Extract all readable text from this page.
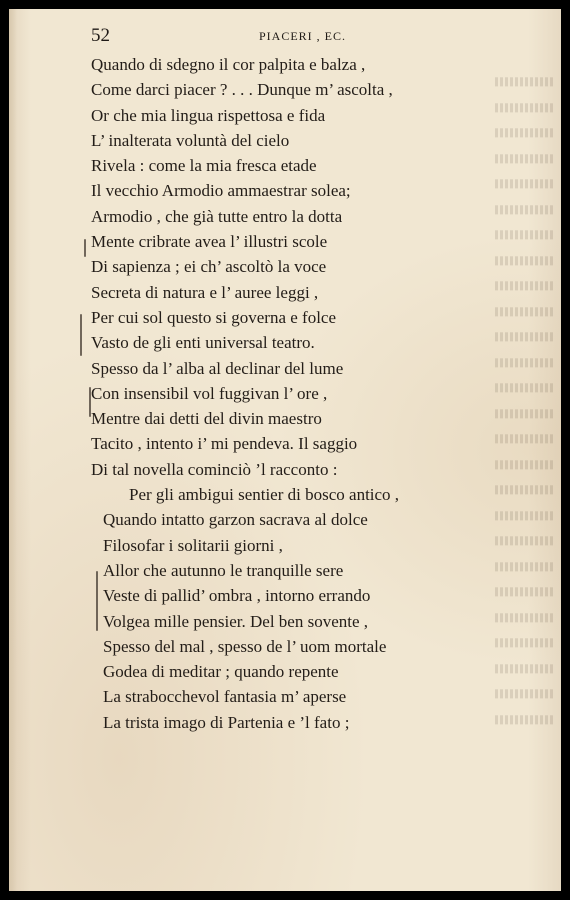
52	PIACERI , EC.
Quando di sdegno il cor palpita e balza ,
Come darci piacer ? . . . Dunque m’ ascolta ,
Or che mia lingua rispettosa e fida
L’ inalterata voluntà del cielo
Rivela : come la mia fresca etade
Il vecchio Armodio ammaestrar solea;
Armodio , che già tutte entro la dotta
Mente cribrate avea l’ illustri scole
Di sapienza ; ei ch’ ascoltò la voce
Secreta di natura e l’ auree leggi ,
Per cui sol questo si governa e folce
Vasto de gli enti universal teatro.
Spesso da l’ alba al declinar del lume
Con insensibil vol fuggivan l’ ore ,
Mentre dai detti del divin maestro
Tacito , intento i’ mi pendeva. Il saggio
Di tal novella cominciò ’l racconto :
Per gli ambigui sentier di bosco antico ,
Quando intatto garzon sacrava al dolce
Filosofar i solitarii giorni ,
Allor che autunno le tranquille sere
Veste di pallid’ ombra , intorno errando
Volgea mille pensier. Del ben sovente ,
Spesso del mal , spesso de l’ uom mortale
Godea di meditar ; quando repente
La strabocchevol fantasia m’ aperse
La trista imago di Partenia e ’l fato ;
